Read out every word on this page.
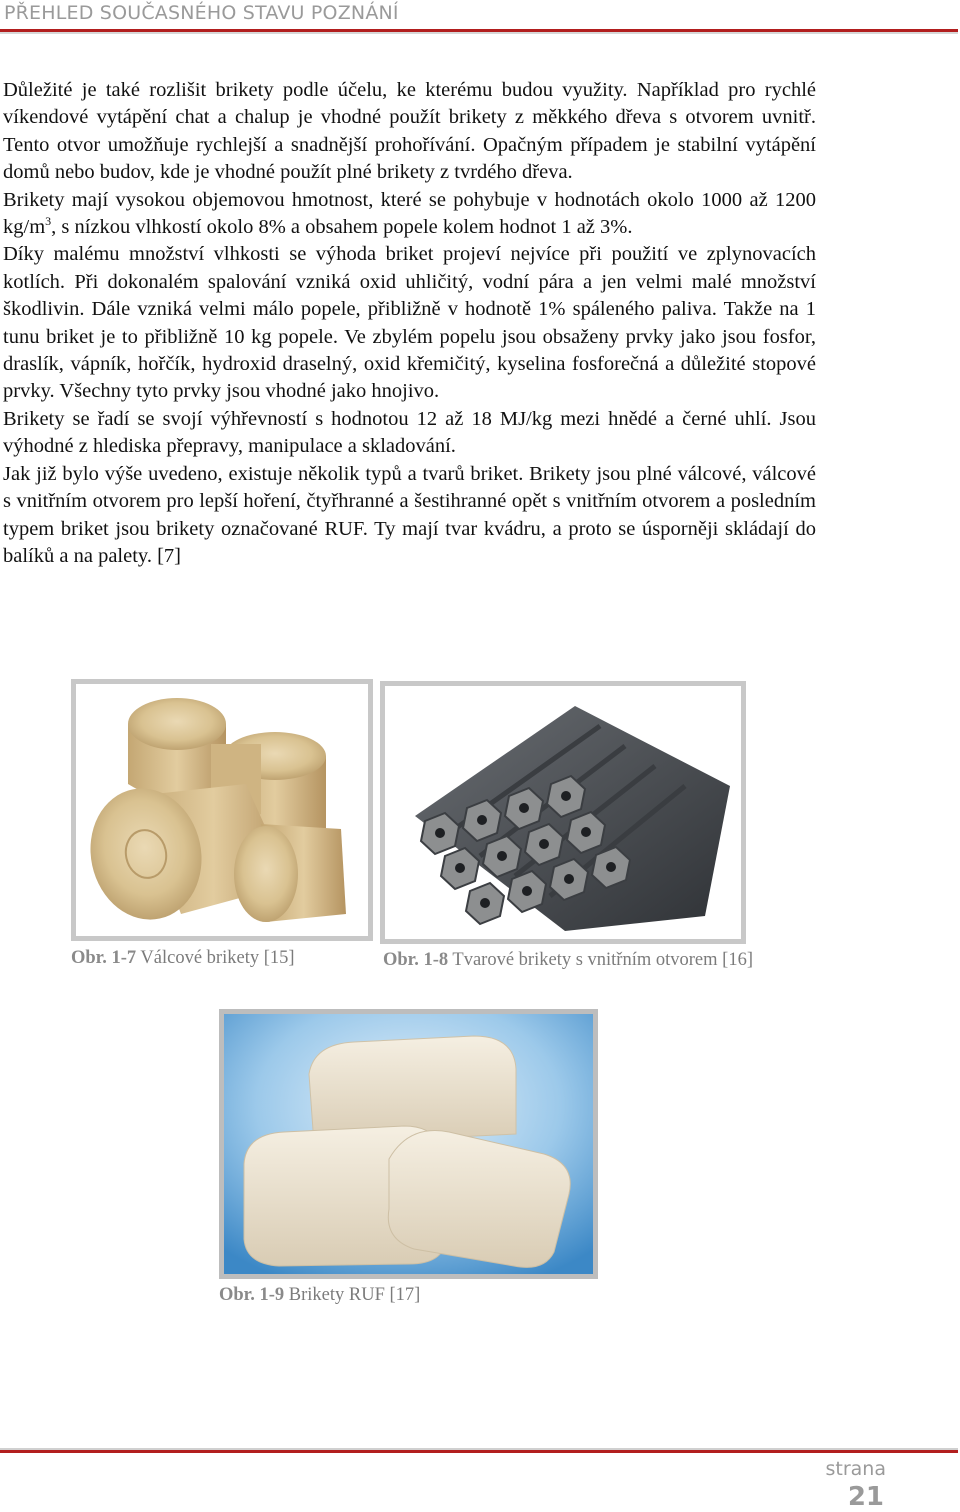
PŘEHLED SOUČASNÉHO STAVU POZNÁNÍ

Důležité je také rozlišit brikety podle účelu, ke kterému budou využity. Například pro rychlé víkendové vytápění chat a chalup je vhodné použít brikety z měkkého dřeva s otvorem uvnitř. Tento otvor umožňuje rychlejší a snadnější prohořívání. Opačným případem je stabilní vytápění domů nebo budov, kde je vhodné použít plné brikety z tvrdého dřeva.

Brikety mají vysokou objemovou hmotnost, které se pohybuje v hodnotách okolo 1000 až 1200 $kg/m^3$, s nízkou vlhkostí okolo 8% a obsahem popele kolem hodnot 1 až 3%.

Díky malému množství vlhkosti se výhoda briket projeví nejvíce při použití ve zplynovacích kotlích. Při dokonalém spalování vzniká oxid uhličitý, vodní pára a jen velmi malé množství škodlivin. Dále vzniká velmi málo popele, přibližně v hodnotě 1% spáleného paliva. Takže na 1 tunu briket je to přibližně 10 kg popele. Ve zbylém popelu jsou obsaženy prvky jako jsou fosfor, draslík, vápník, hořčík, hydroxid draselný, oxid křemičitý, kyselina fosforečná a důležité stopové prvky. Všechny tyto prvky jsou vhodné jako hnojivo.

Brikety se řadí se svojí výhřevností s hodnotou 12 až 18 MJ/kg mezi hnědé a černé uhlí. Jsou výhodné z hlediska přepravy, manipulace a skladování.

Jak již bylo výše uvedeno, existuje několik typů a tvarů briket. Brikety jsou plné válcové, válcové s vnitřním otvorem pro lepší hoření, čtyřhranné a šestihranné opět s vnitřním otvorem a posledním typem briket jsou brikety označované RUF. Ty mají tvar kvádru, a proto se úsporněji skládají do balíků a na palety. [7]

Obr. 1-7 Válcové brikety [15]	Obr. 1-8 Tvarové brikety s vnitřním otvorem [16]
Obr. 1-9 Brikety RUF [17]
strana
21
